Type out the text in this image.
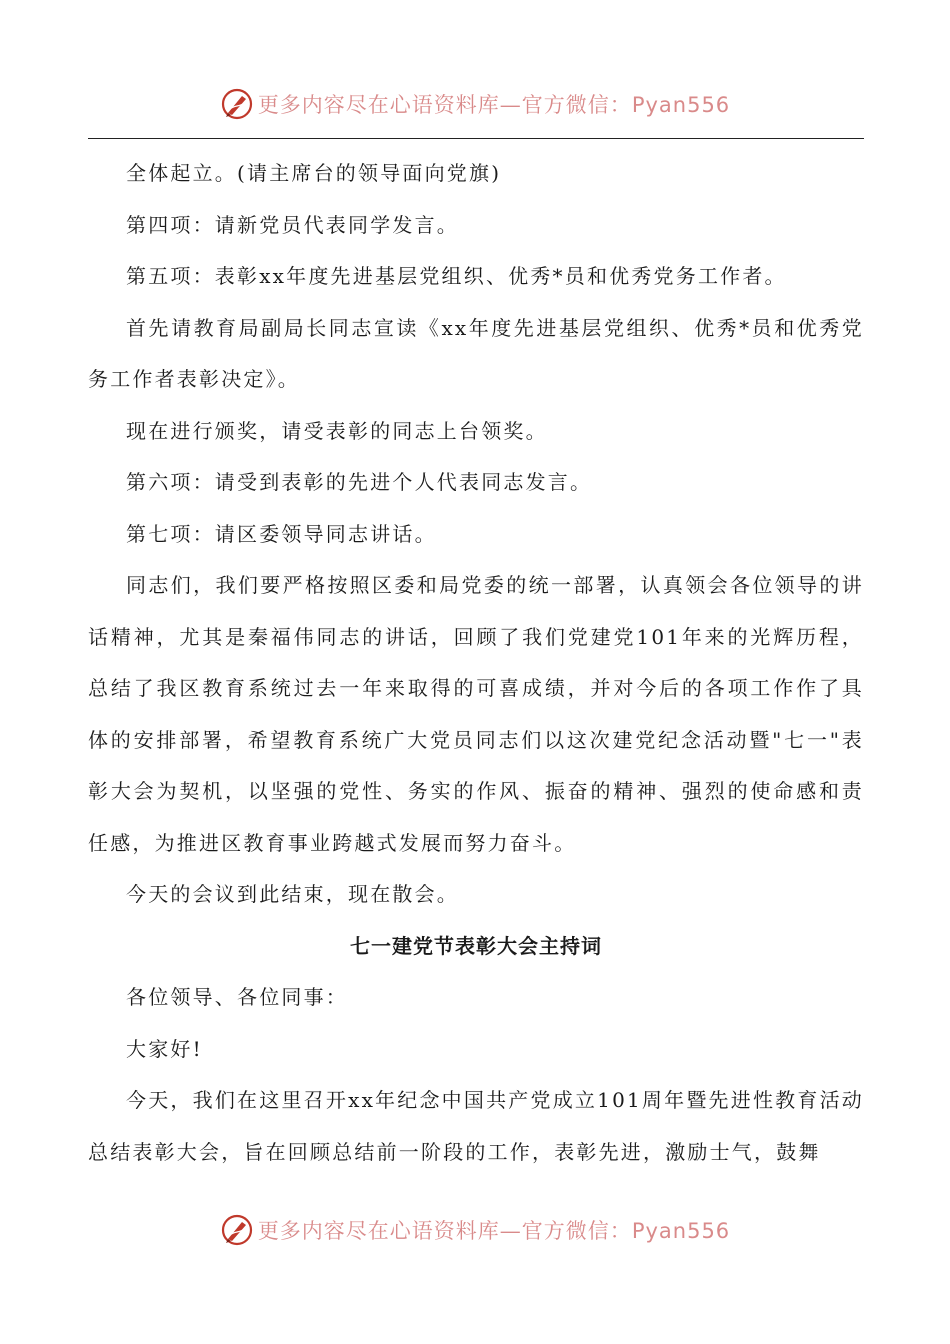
更多内容尽在心语资料库—官方微信：Pyan556

全体起立。(请主席台的领导面向党旗)

第四项：请新党员代表同学发言。

第五项：表彰xx年度先进基层党组织、优秀*员和优秀党务工作者。

首先请教育局副局长同志宣读《xx年度先进基层党组织、优秀*员和优秀党务工作者表彰决定》。

现在进行颁奖，请受表彰的同志上台领奖。

第六项：请受到表彰的先进个人代表同志发言。

第七项：请区委领导同志讲话。

同志们，我们要严格按照区委和局党委的统一部署，认真领会各位领导的讲话精神，尤其是秦福伟同志的讲话，回顾了我们党建党101年来的光辉历程，总结了我区教育系统过去一年来取得的可喜成绩，并对今后的各项工作作了具体的安排部署，希望教育系统广大党员同志们以这次建党纪念活动暨"七一"表彰大会为契机，以坚强的党性、务实的作风、振奋的精神、强烈的使命感和责任感，为推进区教育事业跨越式发展而努力奋斗。

今天的会议到此结束，现在散会。

七一建党节表彰大会主持词

各位领导、各位同事：

大家好!

今天，我们在这里召开xx年纪念中国共产党成立101周年暨先进性教育活动总结表彰大会，旨在回顾总结前一阶段的工作，表彰先进，激励士气，鼓舞

更多内容尽在心语资料库—官方微信：Pyan556
